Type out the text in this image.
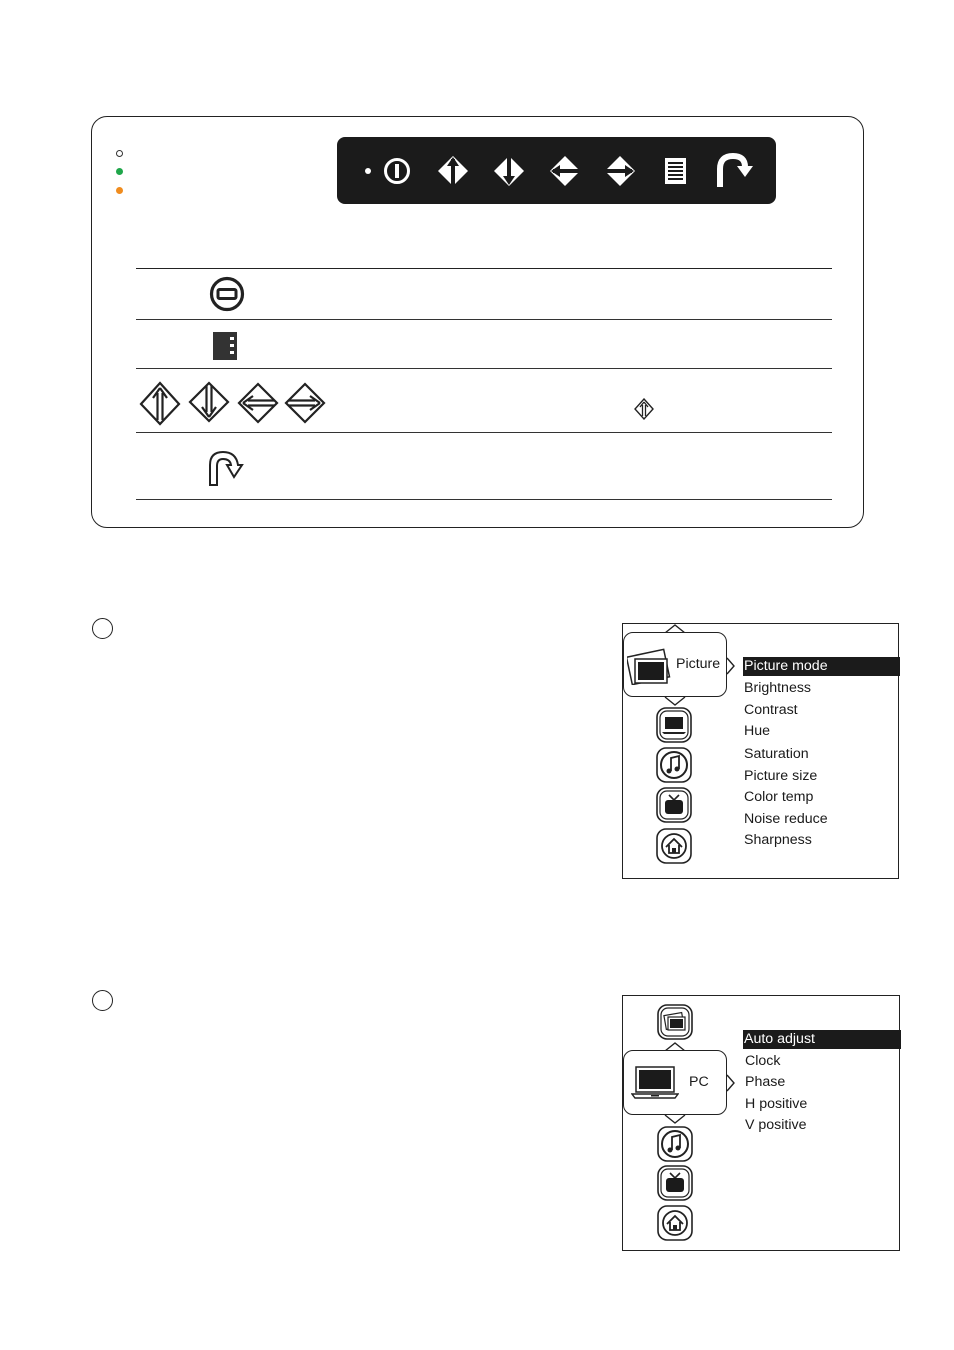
Picture Picture mode
Brightness
Contrast
Hue
Saturation
Picture size
Color temp
Noise reduce
Sharpness
PC
Auto adjust
Clock
Phase
H positive
V positive
